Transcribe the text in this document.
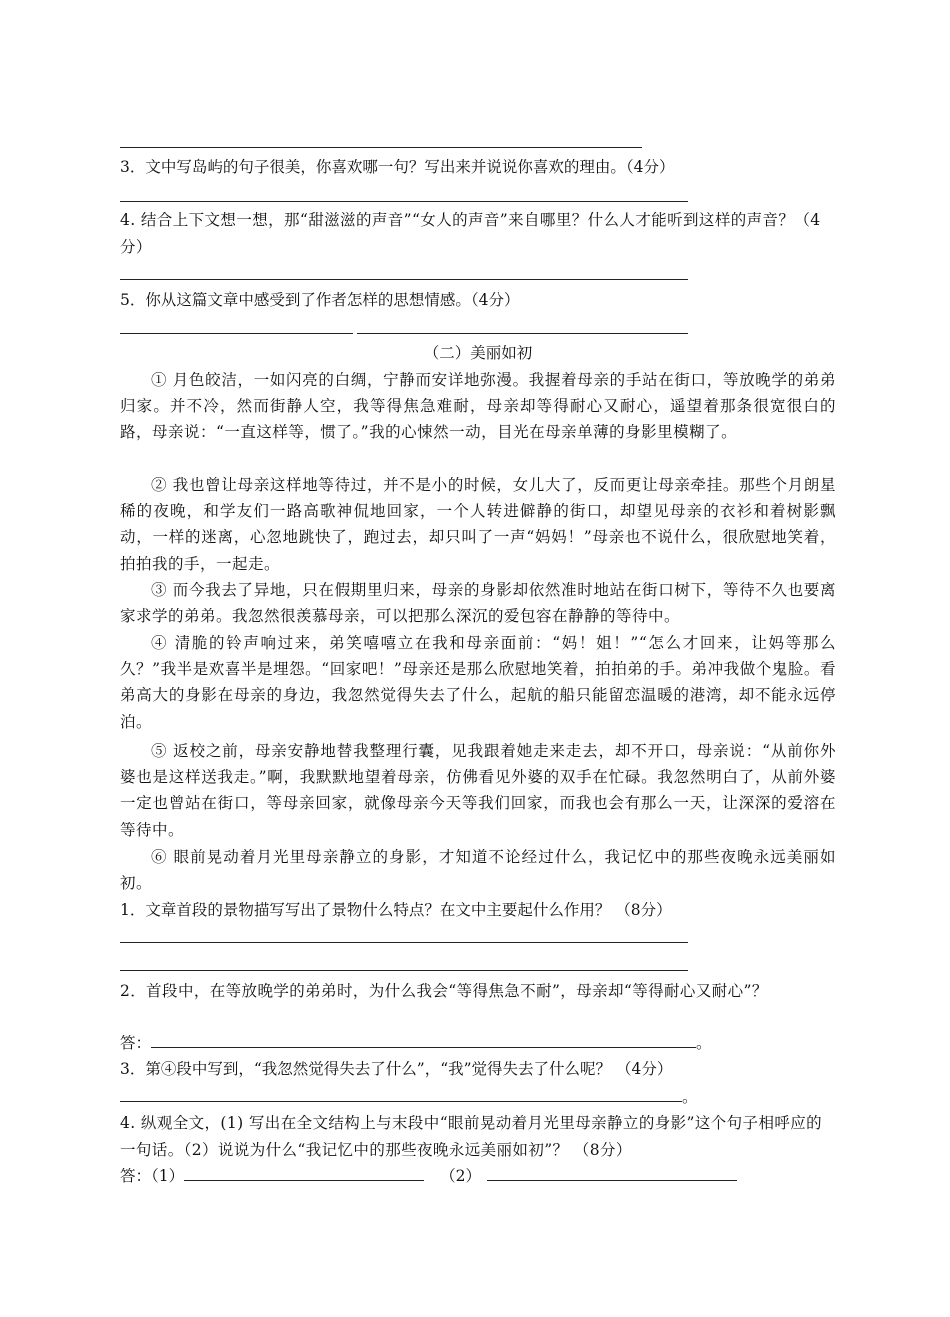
3．文中写岛屿的句子很美，你喜欢哪一句？写出来并说说你喜欢的理由。（4分）
4. 结合上下文想一想，那“甜滋滋的声音”“女人的声音”来自哪里？什么人才能听到这样的声音？（4分）
5．你从这篇文章中感受到了作者怎样的思想情感。（4分）
（二）美丽如初
① 月色皎洁，一如闪亮的白绸，宁静而安详地弥漫。我握着母亲的手站在街口，等放晚学的弟弟归家。并不冷，然而街静人空，我等得焦急难耐，母亲却等得耐心又耐心，遥望着那条很宽很白的路，母亲说：“一直这样等，惯了。”我的心悚然一动，目光在母亲单薄的身影里模糊了。
② 我也曾让母亲这样地等待过，并不是小的时候，女儿大了，反而更让母亲牵挂。那些个月朗星稀的夜晚，和学友们一路高歌神侃地回家，一个人转进僻静的街口，却望见母亲的衣衫和着树影飘动，一样的迷离，心忽地跳快了，跑过去，却只叫了一声“妈妈！”母亲也不说什么，很欣慰地笑着，拍拍我的手，一起走。
③ 而今我去了异地，只在假期里归来，母亲的身影却依然准时地站在街口树下，等待不久也要离家求学的弟弟。我忽然很羡慕母亲，可以把那么深沉的爱包容在静静的等待中。
④ 清脆的铃声响过来，弟笑嘻嘻立在我和母亲面前：“妈！姐！”“怎么才回来，让妈等那么久？”我半是欢喜半是埋怨。“回家吧！”母亲还是那么欣慰地笑着，拍拍弟的手。弟冲我做个鬼脸。看弟高大的身影在母亲的身边，我忽然觉得失去了什么，起航的船只能留恋温暖的港湾，却不能永远停泊。
⑤ 返校之前，母亲安静地替我整理行囊，见我跟着她走来走去，却不开口，母亲说：“从前你外婆也是这样送我走。”啊，我默默地望着母亲，仿佛看见外婆的双手在忙碌。我忽然明白了，从前外婆一定也曾站在街口，等母亲回家，就像母亲今天等我们回家，而我也会有那么一天，让深深的爱溶在等待中。
⑥ 眼前晃动着月光里母亲静立的身影，才知道不论经过什么，我记忆中的那些夜晚永远美丽如初。
1．文章首段的景物描写写出了景物什么特点？在文中主要起什么作用？ （8分）
2．首段中，在等放晚学的弟弟时，为什么我会“等得焦急不耐”，母亲却“等得耐心又耐心”？
答：	。
3．第④段中写到，“我忽然觉得失去了什么”，“我”觉得失去了什么呢？ （4分）
。
4. 纵观全文，(1) 写出在全文结构上与末段中“眼前晃动着月光里母亲静立的身影”这个句子相呼应的一句话。（2）说说为什么“我记忆中的那些夜晚永远美丽如初”？ （8分）
答：（1）	（2）
